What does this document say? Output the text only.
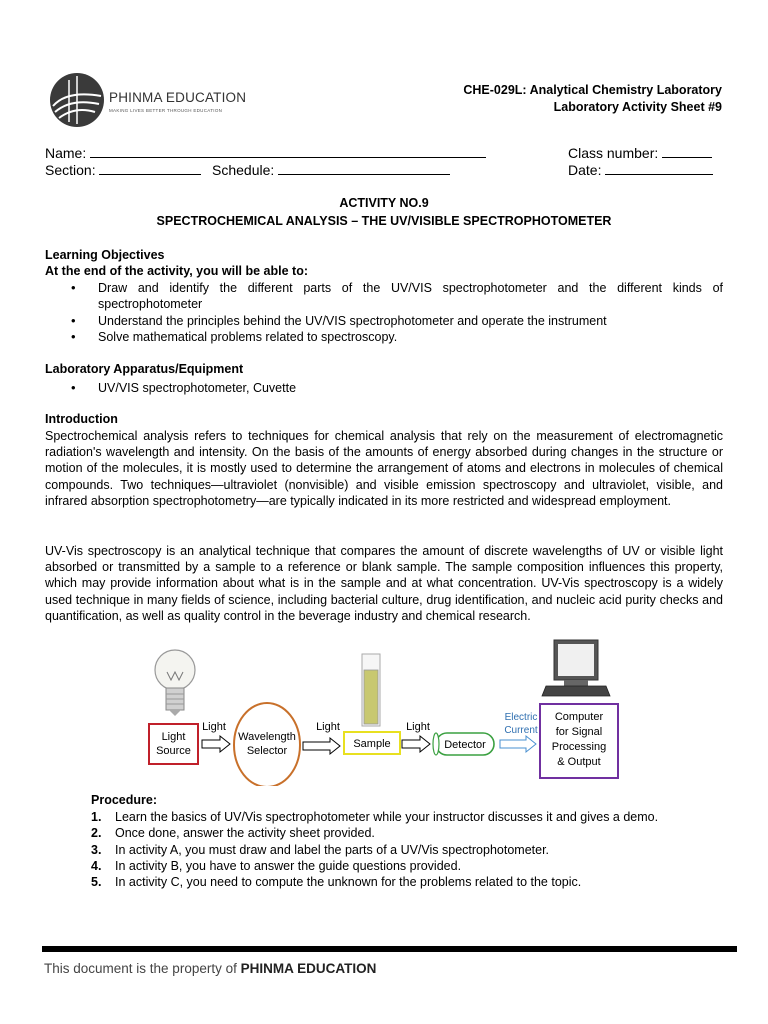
PHINMA EDUCATION
MAKING LIVES BETTER THROUGH EDUCATION
CHE-029L: Analytical Chemistry Laboratory
Laboratory Activity Sheet #9
Name:	Class number:
Section:	Schedule:	Date:
ACTIVITY NO.9
SPECTROCHEMICAL ANALYSIS – THE UV/VISIBLE SPECTROPHOTOMETER
Learning Objectives
At the end of the activity, you will be able to:
• Draw and identify the different parts of the UV/VIS spectrophotometer and the different kinds of spectrophotometer
• Understand the principles behind the UV/VIS spectrophotometer and operate the instrument
• Solve mathematical problems related to spectroscopy.
Laboratory Apparatus/Equipment
• UV/VIS spectrophotometer, Cuvette
Introduction
Spectrochemical analysis refers to techniques for chemical analysis that rely on the measurement of electromagnetic radiation's wavelength and intensity. On the basis of the amounts of energy absorbed during changes in the structure or motion of the molecules, it is mostly used to determine the arrangement of atoms and electrons in molecules of chemical compounds. Two techniques—ultraviolet (nonvisible) and visible emission spectroscopy and ultraviolet, visible, and infrared absorption spectrophotometry—are typically indicated in its more restricted and widespread employment.
UV-Vis spectroscopy is an analytical technique that compares the amount of discrete wavelengths of UV or visible light absorbed or transmitted by a sample to a reference or blank sample. The sample composition influences this property, which may provide information about what is in the sample and at what concentration. UV-Vis spectroscopy is a widely used technique in many fields of science, including bacterial culture, drug identification, and nucleic acid purity checks and quantification, as well as quality control in the beverage industry and chemical research.
Light
Source
Light
Wavelength
Selector
Light
Sample
Light
Detector
Electric
Current
Computer
for Signal
Processing
& Output
Procedure:
1. Learn the basics of UV/Vis spectrophotometer while your instructor discusses it and gives a demo.
2. Once done, answer the activity sheet provided.
3. In activity A, you must draw and label the parts of a UV/Vis spectrophotometer.
4. In activity B, you have to answer the guide questions provided.
5. In activity C, you need to compute the unknown for the problems related to the topic.
This document is the property of PHINMA EDUCATION
